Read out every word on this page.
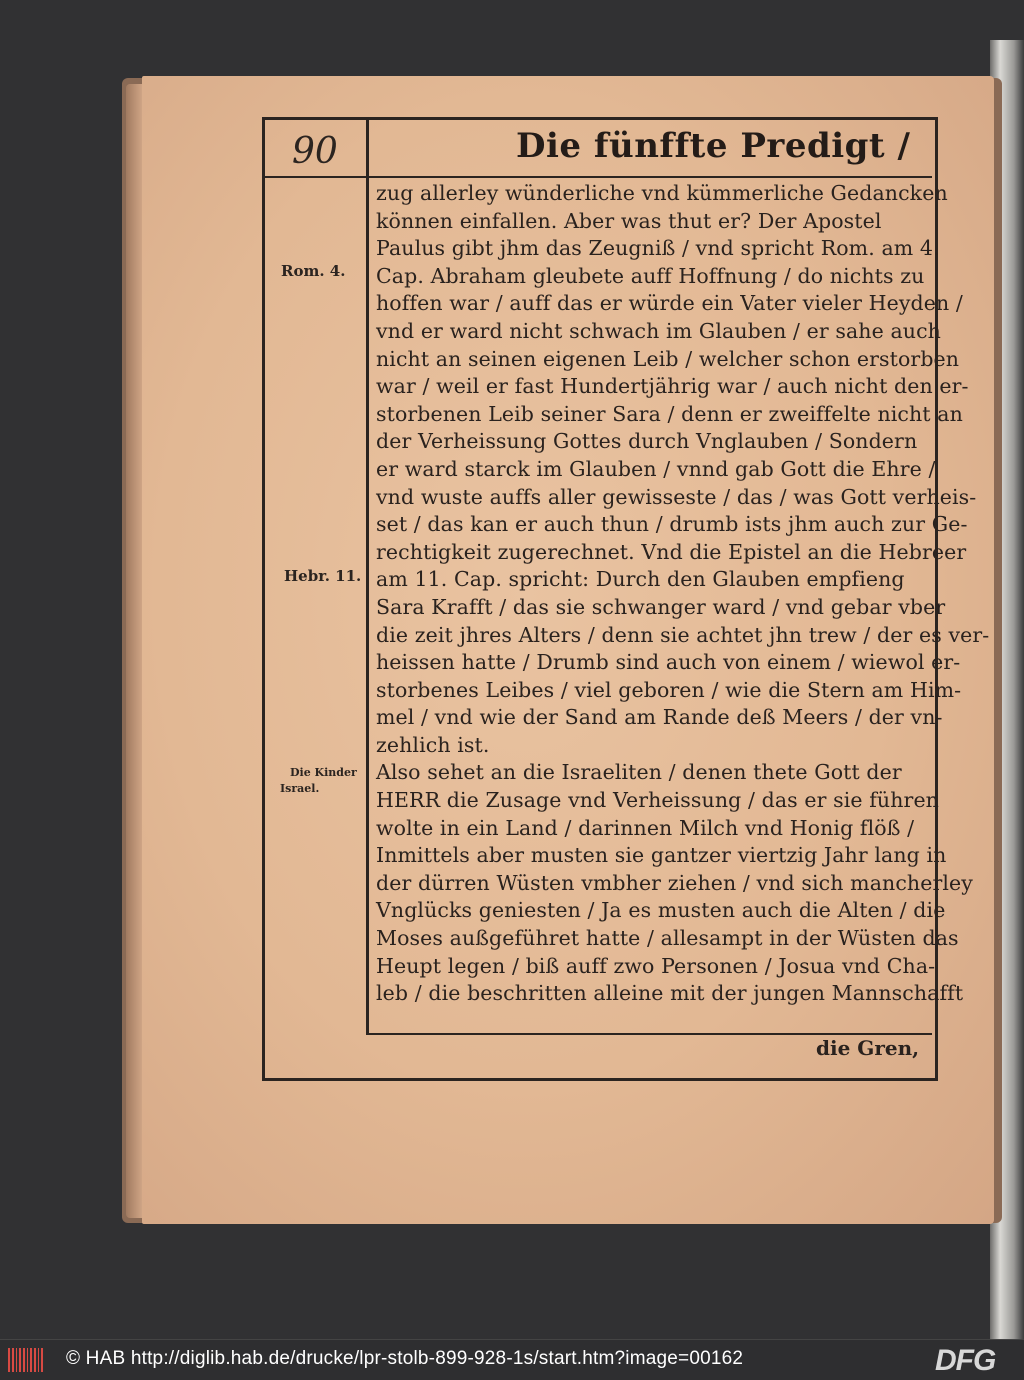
90	Die fünffte Predigt /
Rom. 4.
Hebr. 11.
Die Kinder
Israel.
zug allerley wünderliche vnd kümmerliche Gedancken
können einfallen. Aber was thut er? Der Apostel
Paulus gibt jhm das Zeugniß / vnd spricht Rom. am 4.
Cap. Abraham gleubete auff Hoffnung / do nichts zu
hoffen war / auff das er würde ein Vater vieler Heyden /
vnd er ward nicht schwach im Glauben / er sahe auch
nicht an seinen eigenen Leib / welcher schon erstorben
war / weil er fast Hundertjährig war / auch nicht den er-
storbenen Leib seiner Sara / denn er zweiffelte nicht an
der Verheissung Gottes durch Vnglauben / Sondern
er ward starck im Glauben / vnnd gab Gott die Ehre /
vnd wuste auffs aller gewisseste / das / was Gott verheis-
set / das kan er auch thun / drumb ists jhm auch zur Ge-
rechtigkeit zugerechnet. Vnd die Epistel an die Hebreer
am 11. Cap. spricht: Durch den Glauben empfieng
Sara Krafft / das sie schwanger ward / vnd gebar vber
die zeit jhres Alters / denn sie achtet jhn trew / der es ver-
heissen hatte / Drumb sind auch von einem / wiewol er-
storbenes Leibes / viel geboren / wie die Stern am Him-
mel / vnd wie der Sand am Rande deß Meers / der vn-
zehlich ist.
Also sehet an die Israeliten / denen thete Gott der
HERR die Zusage vnd Verheissung / das er sie führen
wolte in ein Land / darinnen Milch vnd Honig flöß /
Inmittels aber musten sie gantzer viertzig Jahr lang in
der dürren Wüsten vmbher ziehen / vnd sich mancherley
Vnglücks geniesten / Ja es musten auch die Alten / die
Moses außgeführet hatte / allesampt in der Wüsten das
Heupt legen / biß auff zwo Personen / Josua vnd Cha-
leb / die beschritten alleine mit der jungen Mannschafft
die Gren,
© HAB http://diglib.hab.de/drucke/lpr-stolb-899-928-1s/start.htm?image=00162	DFG
